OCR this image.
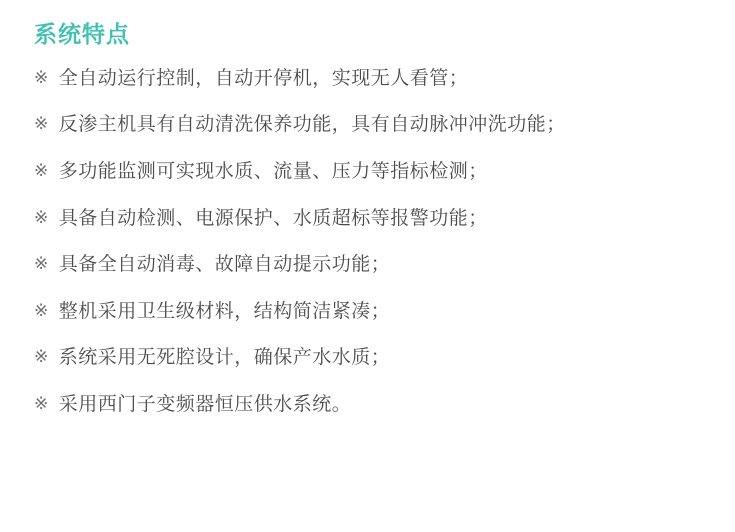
系统特点
※ 全自动运行控制，自动开停机，实现无人看管；
※ 反渗主机具有自动清洗保养功能，具有自动脉冲冲洗功能；
※ 多功能监测可实现水质、流量、压力等指标检测；
※ 具备自动检测、电源保护、水质超标等报警功能；
※ 具备全自动消毒、故障自动提示功能；
※ 整机采用卫生级材料，结构简洁紧凑；
※ 系统采用无死腔设计，确保产水水质；
※ 采用西门子变频器恒压供水系统。
